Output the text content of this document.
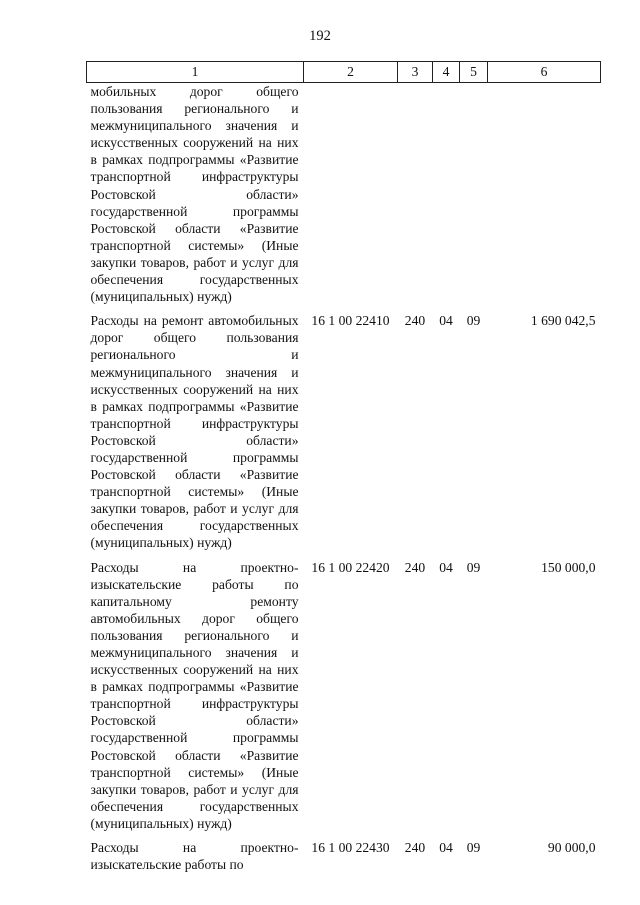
192
1	2	3	4	5	6
мобильных дорог общего пользования регионального и межмуниципального значения и искусственных сооружений на них в рамках подпрограммы «Развитие транспортной инфраструктуры Ростовской области» государственной программы Ростовской области «Развитие транспортной системы» (Иные закупки товаров, работ и услуг для обеспечения государственных (муниципальных) нужд)					
Расходы на ремонт автомобильных дорог общего пользования регионального и межмуниципального значения и искусственных сооружений на них в рамках подпрограммы «Развитие транспортной инфраструктуры Ростовской области» государственной программы Ростовской области «Развитие транспортной системы» (Иные закупки товаров, работ и услуг для обеспечения государственных (муниципальных) нужд)	16 1 00 22410	240	04	09	1 690 042,5
Расходы на проектно-изыскательские работы по капитальному ремонту автомобильных дорог общего пользования регионального и межмуниципального значения и искусственных сооружений на них в рамках подпрограммы «Развитие транспортной инфраструктуры Ростовской области» государственной программы Ростовской области «Развитие транспортной системы» (Иные закупки товаров, работ и услуг для обеспечения государственных (муниципальных) нужд)	16 1 00 22420	240	04	09	150 000,0
Расходы на проектно-изыскательские работы по	16 1 00 22430	240	04	09	90 000,0
